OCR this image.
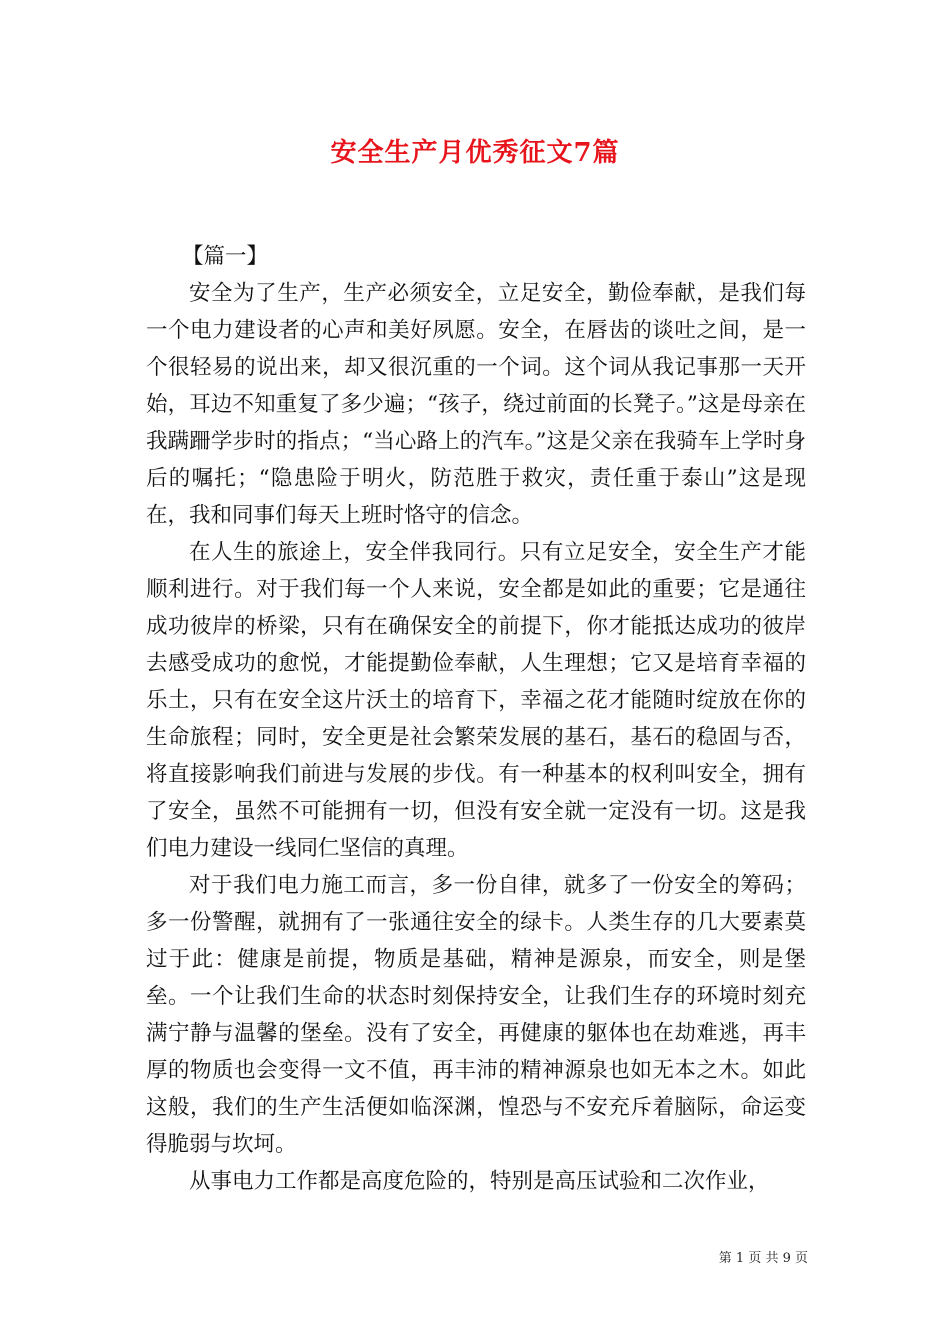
安全生产月优秀征文7篇

【篇一】

安全为了生产，生产必须安全，立足安全，勤俭奉献，是我们每一个电力建设者的心声和美好夙愿。安全，在唇齿的谈吐之间，是一个很轻易的说出来，却又很沉重的一个词。这个词从我记事那一天开始，耳边不知重复了多少遍；“孩子，绕过前面的长凳子。”这是母亲在我蹒跚学步时的指点；“当心路上的汽车。”这是父亲在我骑车上学时身后的嘱托；“隐患险于明火，防范胜于救灾，责任重于泰山”这是现在，我和同事们每天上班时恪守的信念。

在人生的旅途上，安全伴我同行。只有立足安全，安全生产才能顺利进行。对于我们每一个人来说，安全都是如此的重要；它是通往成功彼岸的桥梁，只有在确保安全的前提下，你才能抵达成功的彼岸去感受成功的愈悦，才能提勤俭奉献，人生理想；它又是培育幸福的乐土，只有在安全这片沃土的培育下，幸福之花才能随时绽放在你的生命旅程；同时，安全更是社会繁荣发展的基石，基石的稳固与否，将直接影响我们前进与发展的步伐。有一种基本的权利叫安全，拥有了安全，虽然不可能拥有一切，但没有安全就一定没有一切。这是我们电力建设一线同仁坚信的真理。

对于我们电力施工而言，多一份自律，就多了一份安全的筹码；多一份警醒，就拥有了一张通往安全的绿卡。人类生存的几大要素莫过于此：健康是前提，物质是基础，精神是源泉，而安全，则是堡垒。一个让我们生命的状态时刻保持安全，让我们生存的环境时刻充满宁静与温馨的堡垒。没有了安全，再健康的躯体也在劫难逃，再丰厚的物质也会变得一文不值，再丰沛的精神源泉也如无本之木。如此这般，我们的生产生活便如临深渊，惶恐与不安充斥着脑际，命运变得脆弱与坎坷。

从事电力工作都是高度危险的，特别是高压试验和二次作业，

第 1 页 共 9 页
